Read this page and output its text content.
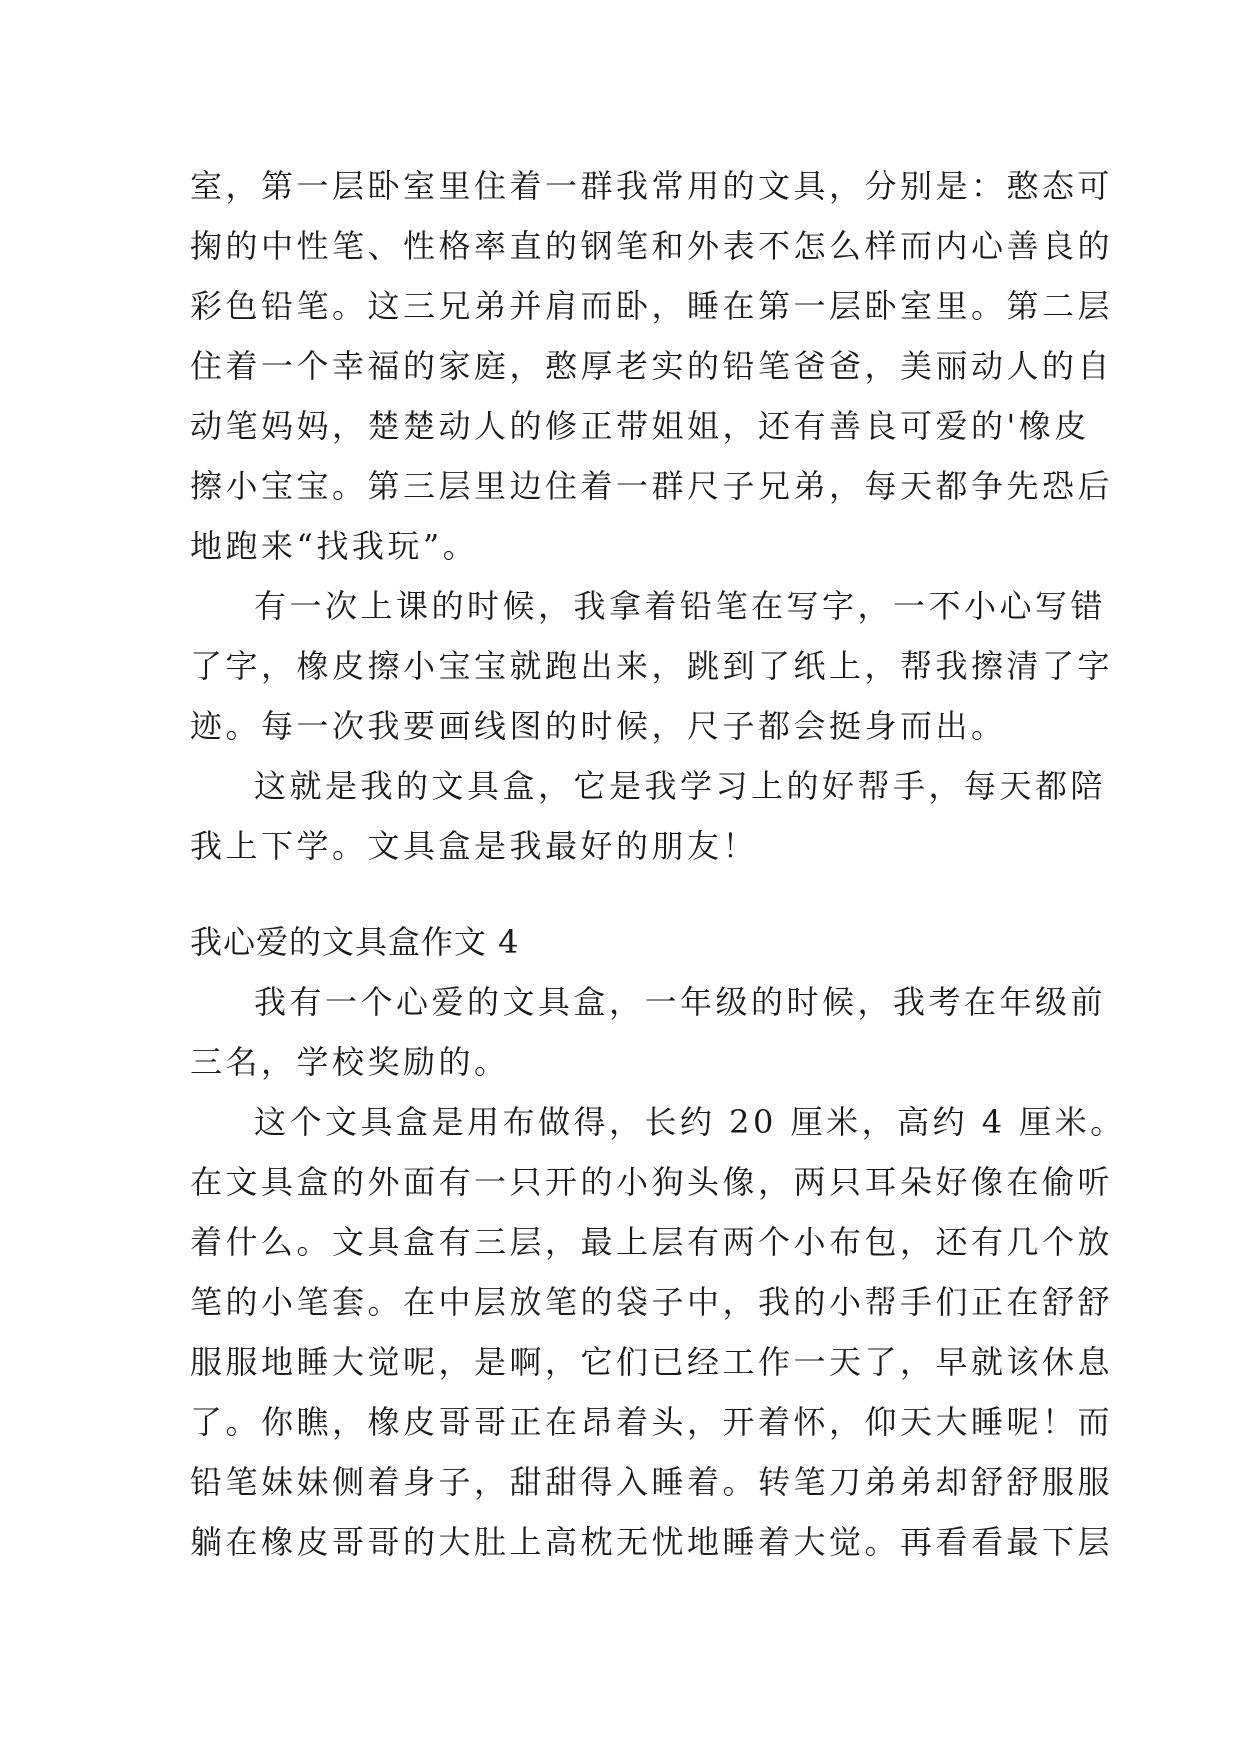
室，第一层卧室里住着一群我常用的文具，分别是：憨态可
掬的中性笔、性格率直的钢笔和外表不怎么样而内心善良的
彩色铅笔。这三兄弟并肩而卧，睡在第一层卧室里。第二层
住着一个幸福的家庭，憨厚老实的铅笔爸爸，美丽动人的自
动笔妈妈，楚楚动人的修正带姐姐，还有善良可爱的'橡皮
擦小宝宝。第三层里边住着一群尺子兄弟，每天都争先恐后
地跑来“找我玩”。
有一次上课的时候，我拿着铅笔在写字，一不小心写错
了字，橡皮擦小宝宝就跑出来，跳到了纸上，帮我擦清了字
迹。每一次我要画线图的时候，尺子都会挺身而出。
这就是我的文具盒，它是我学习上的好帮手，每天都陪
我上下学。文具盒是我最好的朋友！
我心爱的文具盒作文 4
我有一个心爱的文具盒，一年级的时候，我考在年级前
三名，学校奖励的。
这个文具盒是用布做得，长约 20 厘米，高约 4 厘米。
在文具盒的外面有一只开的小狗头像，两只耳朵好像在偷听
着什么。文具盒有三层，最上层有两个小布包，还有几个放
笔的小笔套。在中层放笔的袋子中，我的小帮手们正在舒舒
服服地睡大觉呢，是啊，它们已经工作一天了，早就该休息
了。你瞧，橡皮哥哥正在昂着头，开着怀，仰天大睡呢！而
铅笔妹妹侧着身子，甜甜得入睡着。转笔刀弟弟却舒舒服服
躺在橡皮哥哥的大肚上高枕无忧地睡着大觉。再看看最下层
